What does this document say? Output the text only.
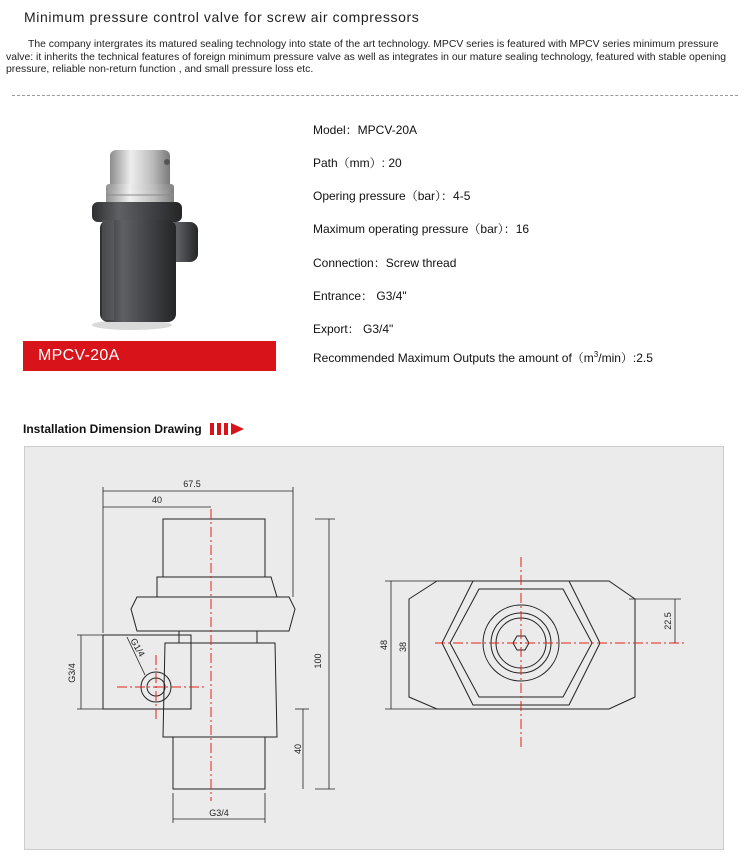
Minimum pressure control valve for screw air compressors
The company intergrates its matured sealing technology into state of the art technology. MPCV series is featured with MPCV series minimum pressure valve: it inherits the technical features of foreign minimum pressure valve as well as integrates in our mature sealing technology, featured with stable opening pressure, reliable non-return function , and small pressure loss etc.
MPCV-20A
Model：MPCV-20A
Path（mm）: 20
Opering pressure（bar）：4-5
Maximum operating pressure（bar）：16
Connection：Screw thread
Entrance： G3/4"
Export： G3/4"
Recommended Maximum Outputs the amount $of(m^3/\min):2.5$
Installation Dimension Drawing
67.5
40
100
40
G3/4
G1/4
G3/4
48 38
22.5
